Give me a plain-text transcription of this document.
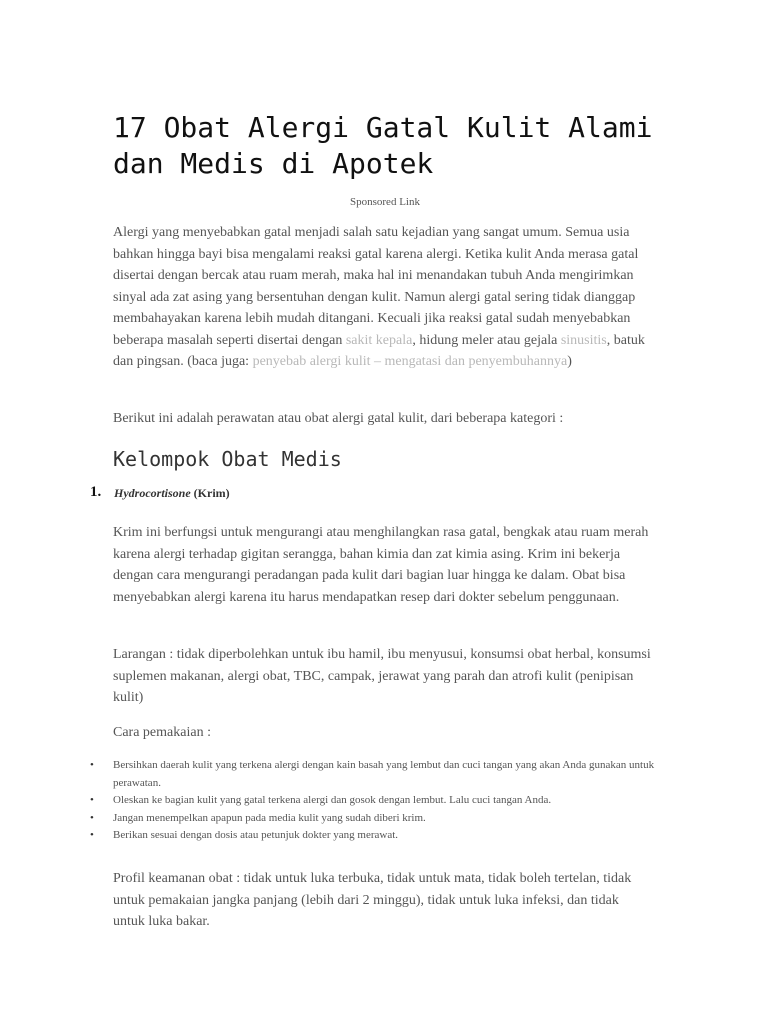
17 Obat Alergi Gatal Kulit Alami dan Medis di Apotek
Sponsored Link

Alergi yang menyebabkan gatal menjadi salah satu kejadian yang sangat umum. Semua usia bahkan hingga bayi bisa mengalami reaksi gatal karena alergi. Ketika kulit Anda merasa gatal disertai dengan bercak atau ruam merah, maka hal ini menandakan tubuh Anda mengirimkan sinyal ada zat asing yang bersentuhan dengan kulit. Namun alergi gatal sering tidak dianggap membahayakan karena lebih mudah ditangani. Kecuali jika reaksi gatal sudah menyebabkan beberapa masalah seperti disertai dengan sakit kepala, hidung meler atau gejala sinusitis, batuk dan pingsan. (baca juga: penyebab alergi kulit – mengatasi dan penyembuhannya)

Berikut ini adalah perawatan atau obat alergi gatal kulit, dari beberapa kategori :

Kelompok Obat Medis
1. Hydrocortisone (Krim)

Krim ini berfungsi untuk mengurangi atau menghilangkan rasa gatal, bengkak atau ruam merah karena alergi terhadap gigitan serangga, bahan kimia dan zat kimia asing. Krim ini bekerja dengan cara mengurangi peradangan pada kulit dari bagian luar hingga ke dalam. Obat bisa menyebabkan alergi karena itu harus mendapatkan resep dari dokter sebelum penggunaan.

Larangan : tidak diperbolehkan untuk ibu hamil, ibu menyusui, konsumsi obat herbal, konsumsi suplemen makanan, alergi obat, TBC, campak, jerawat yang parah dan atrofi kulit (penipisan kulit)

Cara pemakaian :

• Bersihkan daerah kulit yang terkena alergi dengan kain basah yang lembut dan cuci tangan yang akan Anda gunakan untuk perawatan.
• Oleskan ke bagian kulit yang gatal terkena alergi dan gosok dengan lembut. Lalu cuci tangan Anda.
• Jangan menempelkan apapun pada media kulit yang sudah diberi krim.
• Berikan sesuai dengan dosis atau petunjuk dokter yang merawat.

Profil keamanan obat : tidak untuk luka terbuka, tidak untuk mata, tidak boleh tertelan, tidak untuk pemakaian jangka panjang (lebih dari 2 minggu), tidak untuk luka infeksi, dan tidak untuk luka bakar.
